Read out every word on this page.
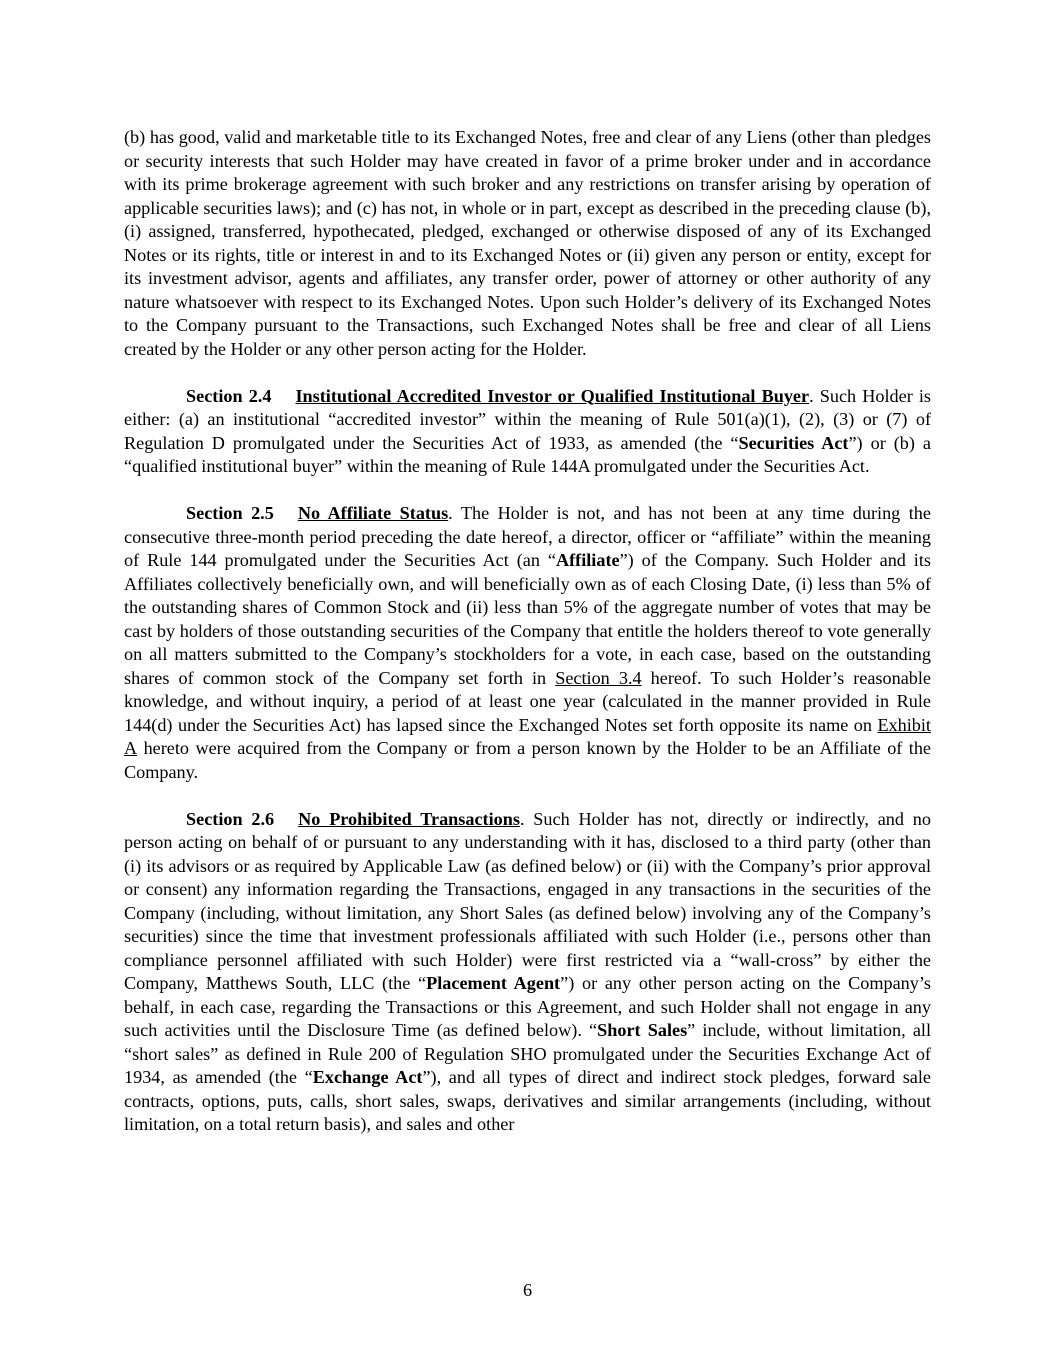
(b) has good, valid and marketable title to its Exchanged Notes, free and clear of any Liens (other than pledges or security interests that such Holder may have created in favor of a prime broker under and in accordance with its prime brokerage agreement with such broker and any restrictions on transfer arising by operation of applicable securities laws); and (c) has not, in whole or in part, except as described in the preceding clause (b), (i) assigned, transferred, hypothecated, pledged, exchanged or otherwise disposed of any of its Exchanged Notes or its rights, title or interest in and to its Exchanged Notes or (ii) given any person or entity, except for its investment advisor, agents and affiliates, any transfer order, power of attorney or other authority of any nature whatsoever with respect to its Exchanged Notes. Upon such Holder’s delivery of its Exchanged Notes to the Company pursuant to the Transactions, such Exchanged Notes shall be free and clear of all Liens created by the Holder or any other person acting for the Holder.

Section 2.4 Institutional Accredited Investor or Qualified Institutional Buyer. Such Holder is either: (a) an institutional “accredited investor” within the meaning of Rule 501(a)(1), (2), (3) or (7) of Regulation D promulgated under the Securities Act of 1933, as amended (the “Securities Act”) or (b) a “qualified institutional buyer” within the meaning of Rule 144A promulgated under the Securities Act.

Section 2.5 No Affiliate Status. The Holder is not, and has not been at any time during the consecutive three-month period preceding the date hereof, a director, officer or “affiliate” within the meaning of Rule 144 promulgated under the Securities Act (an “Affiliate”) of the Company. Such Holder and its Affiliates collectively beneficially own, and will beneficially own as of each Closing Date, (i) less than 5% of the outstanding shares of Common Stock and (ii) less than 5% of the aggregate number of votes that may be cast by holders of those outstanding securities of the Company that entitle the holders thereof to vote generally on all matters submitted to the Company’s stockholders for a vote, in each case, based on the outstanding shares of common stock of the Company set forth in Section 3.4 hereof. To such Holder’s reasonable knowledge, and without inquiry, a period of at least one year (calculated in the manner provided in Rule 144(d) under the Securities Act) has lapsed since the Exchanged Notes set forth opposite its name on Exhibit A hereto were acquired from the Company or from a person known by the Holder to be an Affiliate of the Company.

Section 2.6 No Prohibited Transactions. Such Holder has not, directly or indirectly, and no person acting on behalf of or pursuant to any understanding with it has, disclosed to a third party (other than (i) its advisors or as required by Applicable Law (as defined below) or (ii) with the Company’s prior approval or consent) any information regarding the Transactions, engaged in any transactions in the securities of the Company (including, without limitation, any Short Sales (as defined below) involving any of the Company’s securities) since the time that investment professionals affiliated with such Holder (i.e., persons other than compliance personnel affiliated with such Holder) were first restricted via a “wall-cross” by either the Company, Matthews South, LLC (the “Placement Agent”) or any other person acting on the Company’s behalf, in each case, regarding the Transactions or this Agreement, and such Holder shall not engage in any such activities until the Disclosure Time (as defined below). “Short Sales” include, without limitation, all “short sales” as defined in Rule 200 of Regulation SHO promulgated under the Securities Exchange Act of 1934, as amended (the “Exchange Act”), and all types of direct and indirect stock pledges, forward sale contracts, options, puts, calls, short sales, swaps, derivatives and similar arrangements (including, without limitation, on a total return basis), and sales and other

6
